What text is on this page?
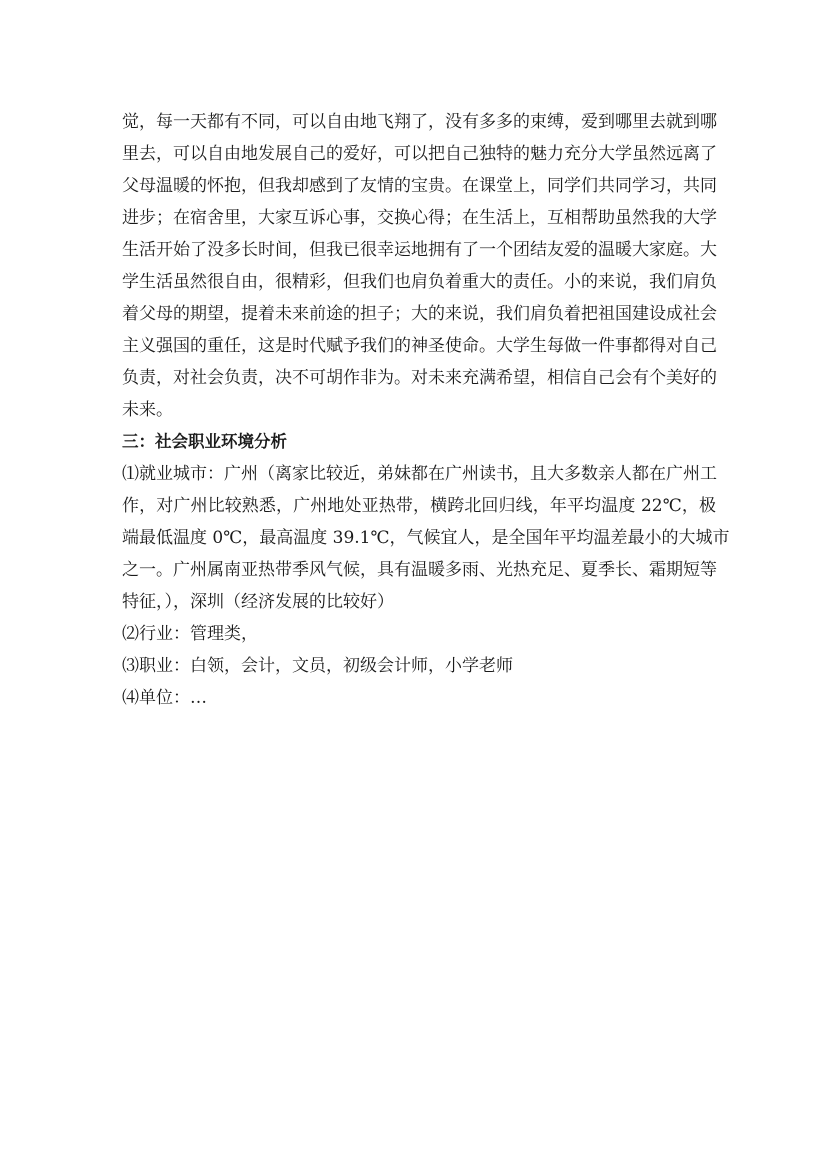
觉，每一天都有不同，可以自由地飞翔了，没有多多的束缚，爱到哪里去就到哪
里去，可以自由地发展自己的爱好，可以把自己独特的魅力充分大学虽然远离了
父母温暖的怀抱，但我却感到了友情的宝贵。在课堂上，同学们共同学习，共同
进步；在宿舍里，大家互诉心事，交换心得；在生活上，互相帮助虽然我的大学
生活开始了没多长时间，但我已很幸运地拥有了一个团结友爱的温暖大家庭。大
学生活虽然很自由，很精彩，但我们也肩负着重大的责任。小的来说，我们肩负
着父母的期望，提着未来前途的担子；大的来说，我们肩负着把祖国建设成社会
主义强国的重任，这是时代赋予我们的神圣使命。大学生每做一件事都得对自己
负责，对社会负责，决不可胡作非为。对未来充满希望，相信自己会有个美好的
未来。
三：社会职业环境分析
⑴就业城市：广州（离家比较近，弟妹都在广州读书，且大多数亲人都在广州工
作，对广州比较熟悉，广州地处亚热带，横跨北回归线，年平均温度 22℃，极
端最低温度 0℃，最高温度 39.1℃，气候宜人，是全国年平均温差最小的大城市
之一。广州属南亚热带季风气候，具有温暖多雨、光热充足、夏季长、霜期短等
特征，），深圳（经济发展的比较好）
⑵行业：管理类，
⑶职业：白领，会计，文员，初级会计师，小学老师
⑷单位：…
